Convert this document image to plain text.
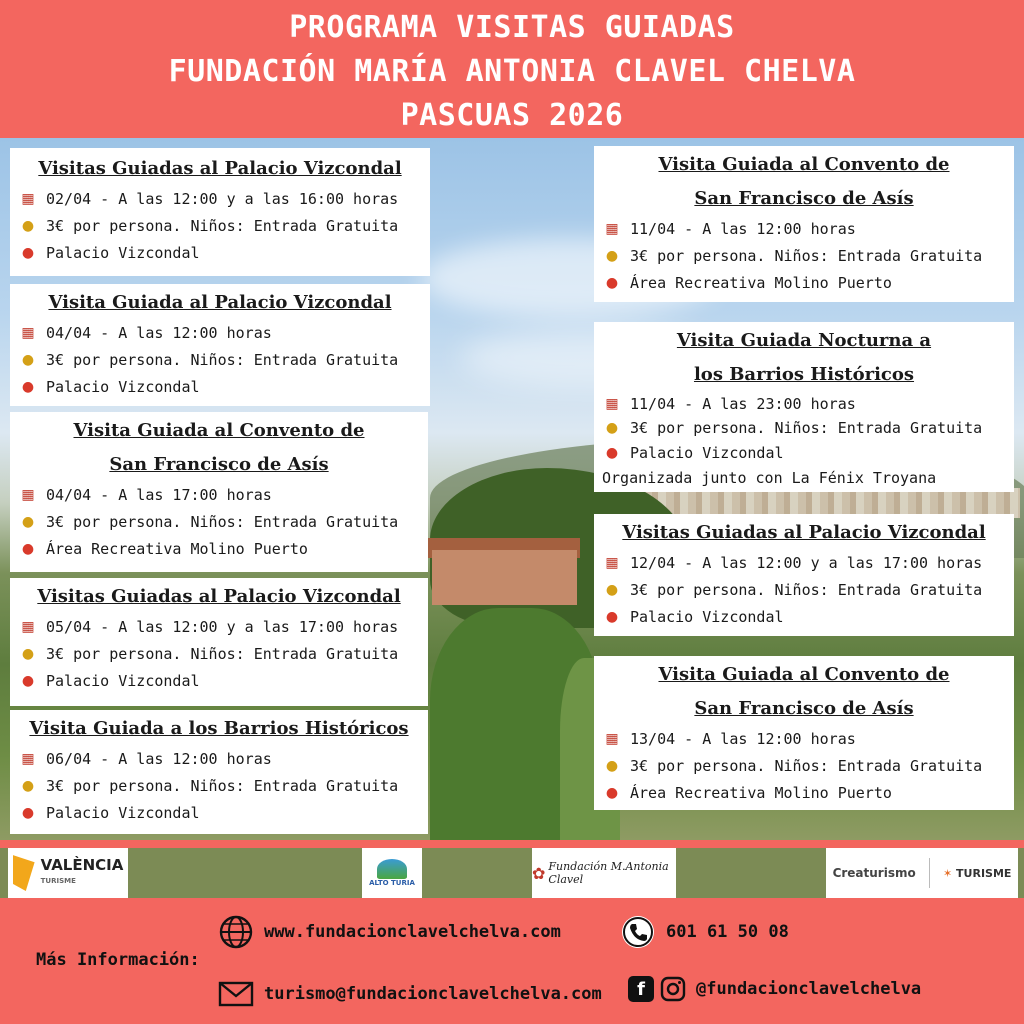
PROGRAMA VISITAS GUIADAS
FUNDACIÓN MARÍA ANTONIA CLAVEL CHELVA
PASCUAS 2026
Visitas Guiadas al Palacio Vizcondal
▦ 02/04 - A las 12:00 y a las 16:00 horas
● 3€ por persona. Niños: Entrada Gratuita
● Palacio Vizcondal
Visita Guiada al Palacio Vizcondal
▦ 04/04 - A las 12:00 horas
● 3€ por persona. Niños: Entrada Gratuita
● Palacio Vizcondal
Visita Guiada al Convento de
San Francisco de Asís
▦ 04/04 - A las 17:00 horas
● 3€ por persona. Niños: Entrada Gratuita
● Área Recreativa Molino Puerto
Visitas Guiadas al Palacio Vizcondal
▦ 05/04 - A las 12:00 y a las 17:00 horas
● 3€ por persona. Niños: Entrada Gratuita
● Palacio Vizcondal
Visita Guiada a los Barrios Históricos
▦ 06/04 - A las 12:00 horas
● 3€ por persona. Niños: Entrada Gratuita
● Palacio Vizcondal
Visita Guiada al Convento de
San Francisco de Asís
▦ 11/04 - A las 12:00 horas
● 3€ por persona. Niños: Entrada Gratuita
● Área Recreativa Molino Puerto
Visita Guiada Nocturna a
los Barrios Históricos
▦ 11/04 - A las 23:00 horas
● 3€ por persona. Niños: Entrada Gratuita
● Palacio Vizcondal
Organizada junto con La Fénix Troyana
Visitas Guiadas al Palacio Vizcondal
▦ 12/04 - A las 12:00 y a las 17:00 horas
● 3€ por persona. Niños: Entrada Gratuita
● Palacio Vizcondal
Visita Guiada al Convento de
San Francisco de Asís
▦ 13/04 - A las 12:00 horas
● 3€ por persona. Niños: Entrada Gratuita
● Área Recreativa Molino Puerto
VALÈNCIA
TURISME	ALTO TURIA
✿ Fundación M.Antonia Clavel	Creaturismo ✶ TURISME
Más Información:
www.fundacionclavelchelva.com	601 61 50 08
turismo@fundacionclavelchelva.com	f	@fundacionclavelchelva
